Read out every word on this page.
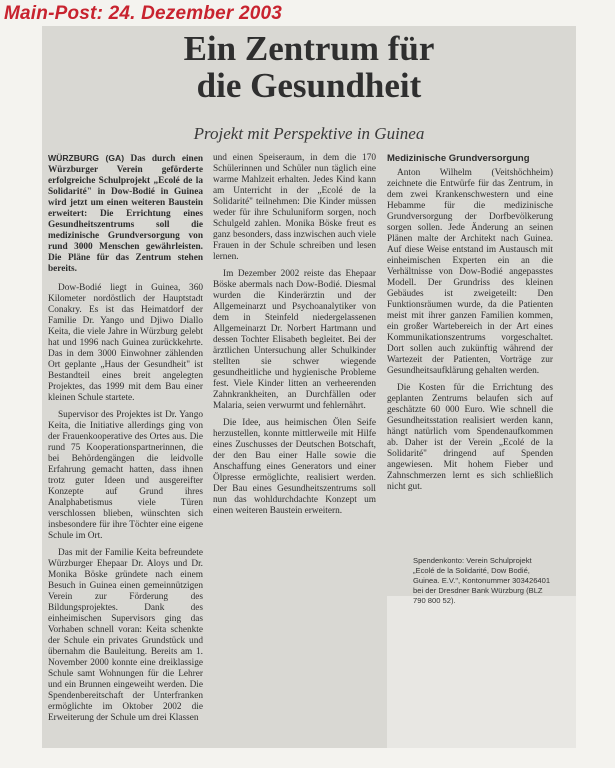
Main-Post: 24. Dezember 2003
Ein Zentrum für
die Gesundheit
Projekt mit Perspektive in Guinea

WÜRZBURG (GA) Das durch einen Würzburger Verein geförderte erfolgreiche Schulprojekt „Ecolé de la Solidarité" in Dow-Bodié in Guinea wird jetzt um einen weiteren Baustein erweitert: Die Errichtung eines Gesundheitszentrums soll die medizinische Grundversorgung von rund 3000 Menschen gewährleisten. Die Pläne für das Zentrum stehen bereits.

Dow-Bodié liegt in Guinea, 360 Kilometer nordöstlich der Hauptstadt Conakry. Es ist das Heimatdorf der Familie Dr. Yango und Djiwo Diallo Keita, die viele Jahre in Würzburg gelebt hat und 1996 nach Guinea zurückkehrte. Das in dem 3000 Einwohner zählenden Ort geplante „Haus der Gesundheit" ist Bestandteil eines breit angelegten Projektes, das 1999 mit dem Bau einer kleinen Schule startete.

Supervisor des Projektes ist Dr. Yango Keita, die Initiative allerdings ging von der Frauenkooperative des Ortes aus. Die rund 75 Kooperationspartnerinnen, die bei Behördengängen die leidvolle Erfahrung gemacht hatten, dass ihnen trotz guter Ideen und ausgereifter Konzepte auf Grund ihres Analphabetismus viele Türen verschlossen blieben, wünschten sich insbesondere für ihre Töchter eine eigene Schule im Ort.

Das mit der Familie Keita befreundete Würzburger Ehepaar Dr. Aloys und Dr. Monika Böske gründete nach einem Besuch in Guinea einen gemeinnützigen Verein zur Förderung des Bildungsprojektes. Dank des einheimischen Supervisors ging das Vorhaben schnell voran: Keita schenkte der Schule ein privates Grundstück und übernahm die Bauleitung. Bereits am 1. November 2000 konnte eine dreiklassige Schule samt Wohnungen für die Lehrer und ein Brunnen eingeweiht werden. Die Spendenbereitschaft der Unterfranken ermöglichte im Oktober 2002 die Erweiterung der Schule um drei Klassen

und einen Speiseraum, in dem die 170 Schülerinnen und Schüler nun täglich eine warme Mahlzeit erhalten. Jedes Kind kann am Unterricht in der „Ecolé de la Solidarité" teilnehmen: Die Kinder müssen weder für ihre Schuluniform sorgen, noch Schulgeld zahlen. Monika Böske freut es ganz besonders, dass inzwischen auch viele Frauen in der Schule schreiben und lesen lernen.

Im Dezember 2002 reiste das Ehepaar Böske abermals nach Dow-Bodié. Diesmal wurden die Kinderärztin und der Allgemeinarzt und Psychoanalytiker von dem in Steinfeld niedergelassenen Allgemeinarzt Dr. Norbert Hartmann und dessen Tochter Elisabeth begleitet. Bei der ärztlichen Untersuchung aller Schulkinder stellten sie schwer wiegende gesundheitliche und hygienische Probleme fest. Viele Kinder litten an verheerenden Zahnkrankheiten, an Durchfällen oder Malaria, seien verwurmt und fehlernährt.

Die Idee, aus heimischen Ölen Seife herzustellen, konnte mittlerweile mit Hilfe eines Zuschusses der Deutschen Botschaft, der den Bau einer Halle sowie die Anschaffung eines Generators und einer Ölpresse ermöglichte, realisiert werden. Der Bau eines Gesundheitszentrums soll nun das wohldurchdachte Konzept um einen weiteren Baustein erweitern.

Medizinische Grundversorgung

Anton Wilhelm (Veitshöchheim) zeichnete die Entwürfe für das Zentrum, in dem zwei Krankenschwestern und eine Hebamme für die medizinische Grundversorgung der Dorfbevölkerung sorgen sollen. Jede Änderung an seinen Plänen malte der Architekt nach Guinea. Auf diese Weise entstand im Austausch mit einheimischen Experten ein an die Verhältnisse von Dow-Bodié angepasstes Modell. Der Grundriss des kleinen Gebäudes ist zweigeteilt: Den Funktionsräumen wurde, da die Patienten meist mit ihrer ganzen Familien kommen, ein großer Wartebereich in der Art eines Kommunikationszentrums vorgeschaltet. Dort sollen auch zukünftig während der Wartezeit der Patienten, Vorträge zur Gesundheitsaufklärung gehalten werden.

Die Kosten für die Errichtung des geplanten Zentrums belaufen sich auf geschätzte 60 000 Euro. Wie schnell die Gesundheitsstation realisiert werden kann, hängt natürlich vom Spendenaufkommen ab. Daher ist der Verein „Ecolé de la Solidarité" dringend auf Spenden angewiesen. Mit hohem Fieber und Zahnschmerzen lernt es sich schließlich nicht gut.

Spendenkonto: Verein Schulprojekt „Ecolé de la Solidarité, Dow Bodié, Guinea. E.V.", Kontonummer 303426401 bei der Dresdner Bank Würzburg (BLZ 790 800 52).
